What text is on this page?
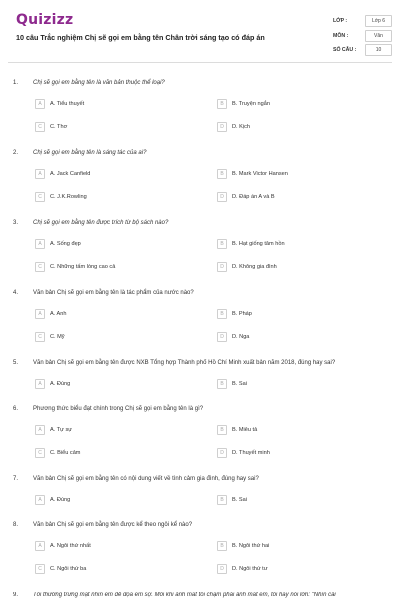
Quizizz
10 câu Trắc nghiệm Chị sẽ gọi em bằng tên Chân trời sáng tạo có đáp án
LỚP :	Lớp 6
MÔN :	Văn
SỐ CÂU :	10
1. Chị sẽ gọi em bằng tên là văn bản thuộc thể loại?
A	A. Tiểu thuyết	B	B. Truyện ngắn
C	C. Thơ	D	D. Kịch
2. Chị sẽ gọi em bằng tên là sáng tác của ai?
A	A. Jack Canfield	B	B. Mark Victor Hansen
C	C. J.K.Rowling	D	D. Đáp án A và B
3. Chị sẽ gọi em bằng tên được trích từ bộ sách nào?
A	A. Sống đẹp	B	B. Hạt giống tâm hồn
C	C. Những tấm lòng cao cả	D	D. Không gia đình
4. Văn bản Chị sẽ gọi em bằng tên là tác phẩm của nước nào?
A	A. Anh	B	B. Pháp
C	C. Mỹ	D	D. Nga
5. Văn bản Chị sẽ gọi em bằng tên được NXB Tổng hợp Thành phố Hồ Chí Minh xuất bản năm 2018, đúng hay sai?
A	A. Đúng	B	B. Sai
6. Phương thức biểu đạt chính trong Chị sẽ gọi em bằng tên là gì?
A	A. Tự sự	B	B. Miêu tả
C	C. Biểu cảm	D	D. Thuyết minh
7. Văn bản Chị sẽ gọi em bằng tên có nội dung viết về tình cảm gia đình, đúng hay sai?
A	A. Đúng	B	B. Sai
8. Văn bản Chị sẽ gọi em bằng tên được kể theo ngôi kể nào?
A	A. Ngôi thứ nhất	B	B. Ngôi thứ hai
C	C. Ngôi thứ ba	D	D. Ngôi thứ tư
9. Tôi thường trưng mặt nhìn em để dọa em sợ. Mỗi khi ánh mắt tôi chạm phải ánh mắt em, tôi hay nói lớn: "Nhìn cái
